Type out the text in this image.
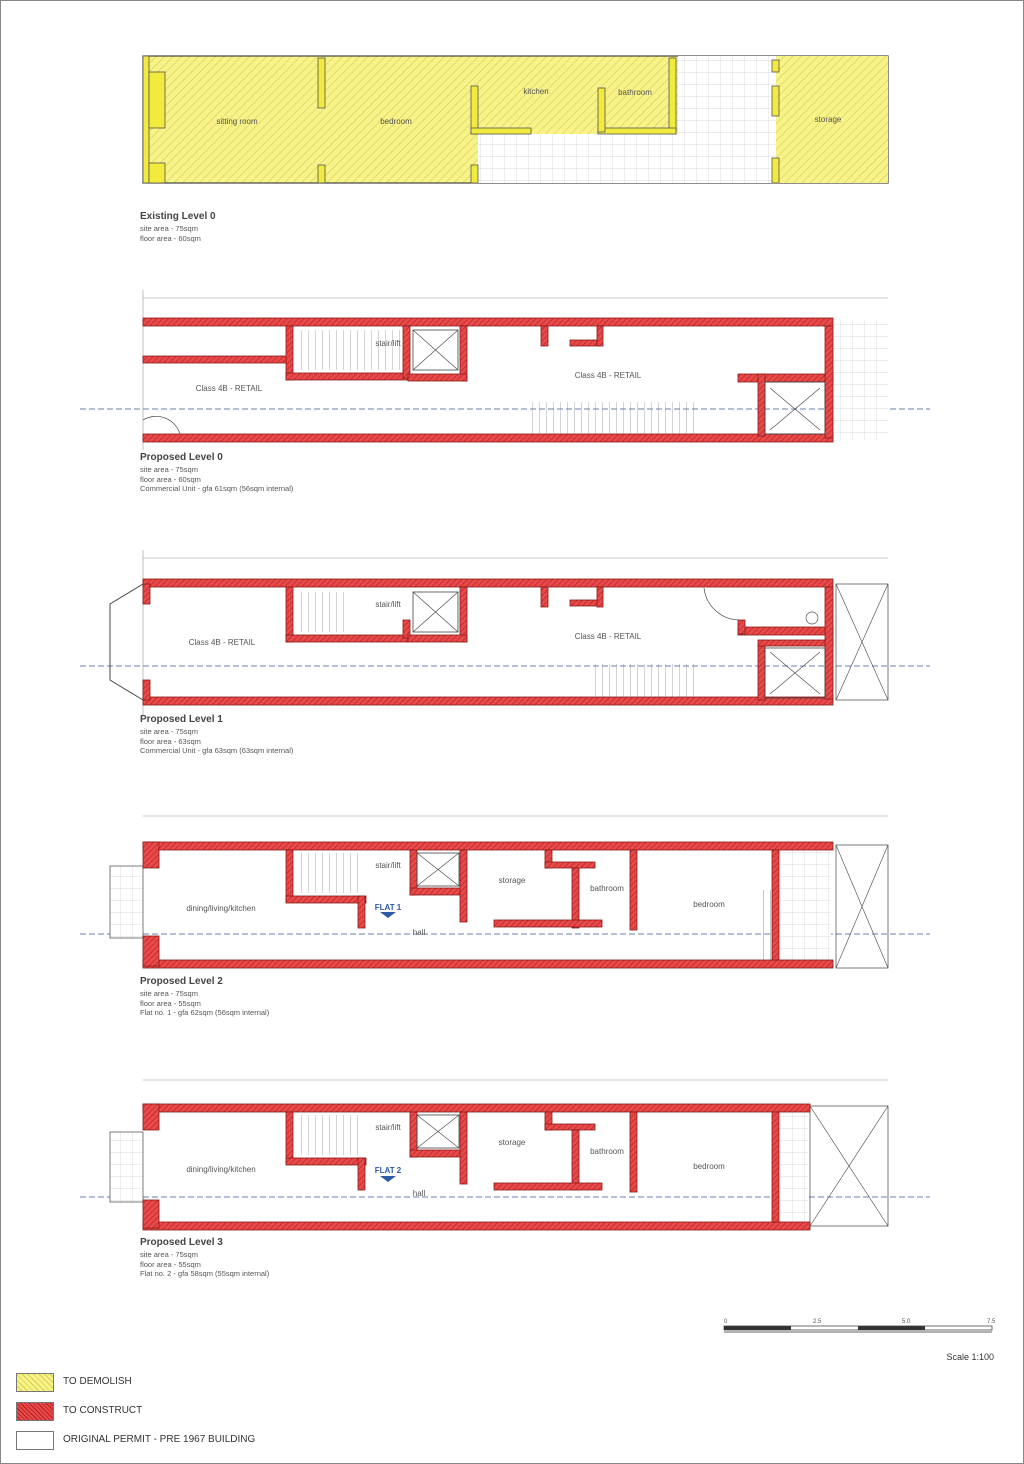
sitting room	bedroom
kitchen	bathroom
storage
Class 4B - RETAIL
Class 4B - RETAIL
stair/lift
Class 4B - RETAIL
Class 4B - RETAIL
stair/lift
dining/living/kitchen
stair/lift
storage
bathroom
bedroom
hall
FLAT 1
dining/living/kitchen
stair/lift
storage
bathroom
bedroom
hall
FLAT 2
Existing Level 0
site area - 75sqm
floor area - 60sqm
Proposed Level 0
site area - 75sqm
floor area - 60sqm
Commercial Unit - gfa 61sqm (56sqm internal)
Proposed Level 1
site area - 75sqm
floor area - 63sqm
Commercial Unit - gfa 63sqm (63sqm internal)
Proposed Level 2
site area - 75sqm
floor area - 55sqm
Flat no. 1 - gfa 62sqm (56sqm internal)
Proposed Level 3
site area - 75sqm
floor area - 55sqm
Flat no. 2 - gfa 58sqm (55sqm internal)
0	2.5	5.0	7.5
Scale 1:100
TO DEMOLISH
TO CONSTRUCT
ORIGINAL PERMIT - PRE 1967 BUILDING
